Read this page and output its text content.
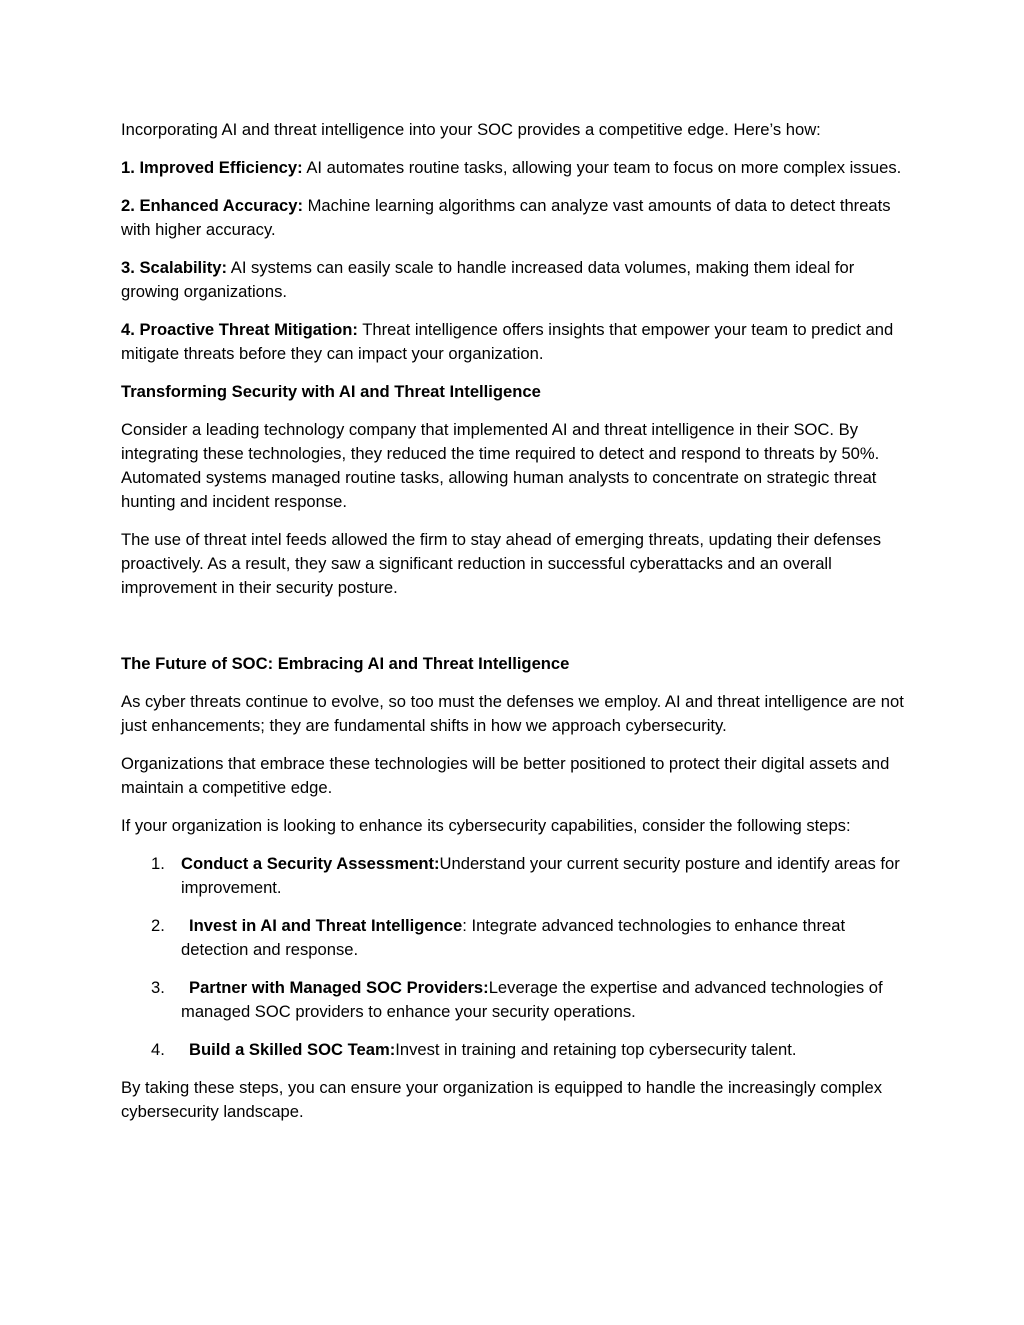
Incorporating AI and threat intelligence into your SOC provides a competitive edge. Here’s how:

1. Improved Efficiency: AI automates routine tasks, allowing your team to focus on more complex issues.

2. Enhanced Accuracy: Machine learning algorithms can analyze vast amounts of data to detect threats with higher accuracy.

3. Scalability: AI systems can easily scale to handle increased data volumes, making them ideal for growing organizations.

4. Proactive Threat Mitigation: Threat intelligence offers insights that empower your team to predict and mitigate threats before they can impact your organization.

Transforming Security with AI and Threat Intelligence

Consider a leading technology company that implemented AI and threat intelligence in their SOC. By integrating these technologies, they reduced the time required to detect and respond to threats by 50%. Automated systems managed routine tasks, allowing human analysts to concentrate on strategic threat hunting and incident response.

The use of threat intel feeds allowed the firm to stay ahead of emerging threats, updating their defenses proactively. As a result, they saw a significant reduction in successful cyberattacks and an overall improvement in their security posture.

The Future of SOC: Embracing AI and Threat Intelligence

As cyber threats continue to evolve, so too must the defenses we employ. AI and threat intelligence are not just enhancements; they are fundamental shifts in how we approach cybersecurity.

Organizations that embrace these technologies will be better positioned to protect their digital assets and maintain a competitive edge.

If your organization is looking to enhance its cybersecurity capabilities, consider the following steps:

1. Conduct a Security Assessment:Understand your current security posture and identify areas for improvement.
2. Invest in AI and Threat Intelligence: Integrate advanced technologies to enhance threat detection and response.
3. Partner with Managed SOC Providers:Leverage the expertise and advanced technologies of managed SOC providers to enhance your security operations.
4. Build a Skilled SOC Team:Invest in training and retaining top cybersecurity talent.

By taking these steps, you can ensure your organization is equipped to handle the increasingly complex cybersecurity landscape.
